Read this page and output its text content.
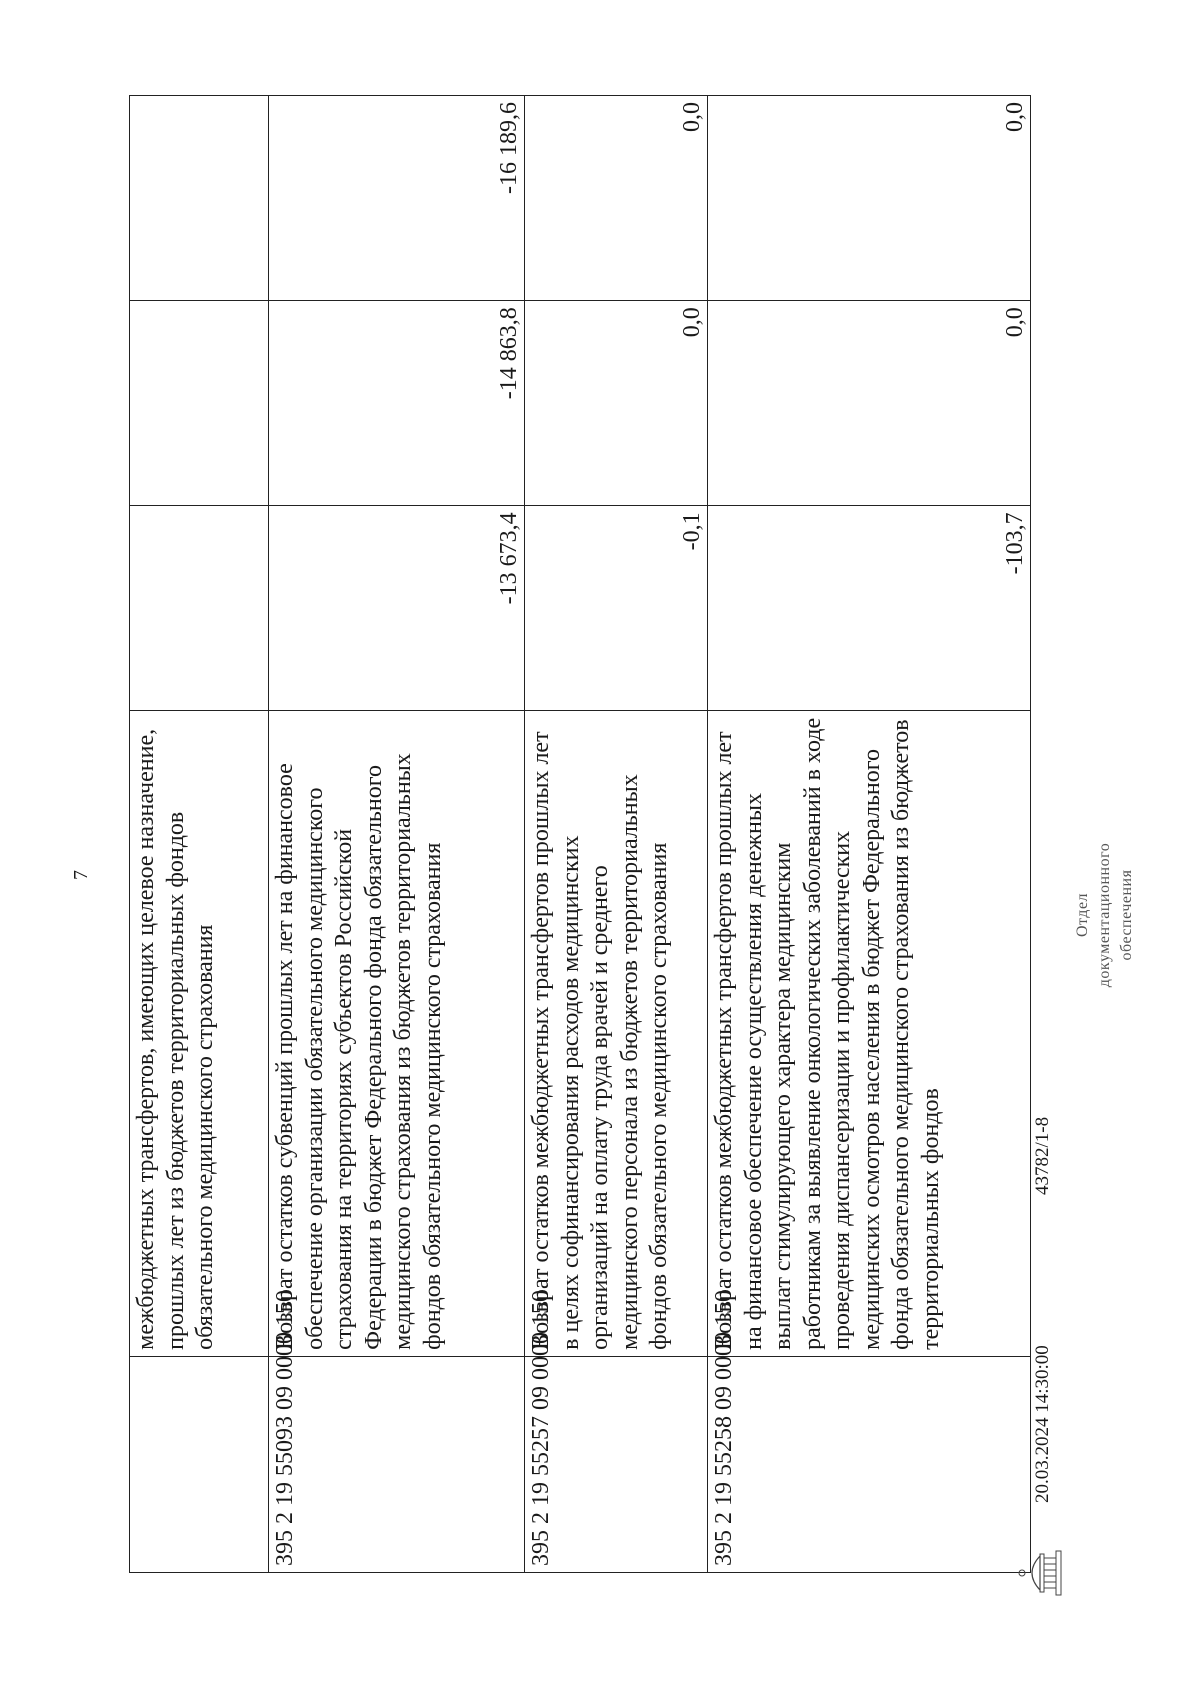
7
	межбюджетных трансфертов, имеющих целевое назначение, прошлых лет из бюджетов территориальных фондов обязательного медицинского страхования			
395 2 19 55093 09 0000 150	Возврат остатков субвенций прошлых лет на финансовое обеспечение организации обязательного медицинского страхования на территориях субъектов Российской Федерации в бюджет Федерального фонда обязательного медицинского страхования из бюджетов территориальных фондов обязательного медицинского страхования	-13 673,4	-14 863,8	-16 189,6
395 2 19 55257 09 0000 150	Возврат остатков межбюджетных трансфертов прошлых лет в целях софинансирования расходов медицинских организаций на оплату труда врачей и среднего медицинского персонала из бюджетов территориальных фондов обязательного медицинского страхования	-0,1	0,0	0,0
395 2 19 55258 09 0000 150	Возврат остатков межбюджетных трансфертов прошлых лет на финансовое обеспечение осуществления денежных выплат стимулирующего характера медицинским работникам за выявление онкологических заболеваний в ходе проведения диспансеризации и профилактических медицинских осмотров населения в бюджет Федерального фонда обязательного медицинского страхования из бюджетов территориальных фондов	-103,7	0,0	0,0
20.03.2024 14:30:00
43782/1-8
Отдел документационного обеспечения
